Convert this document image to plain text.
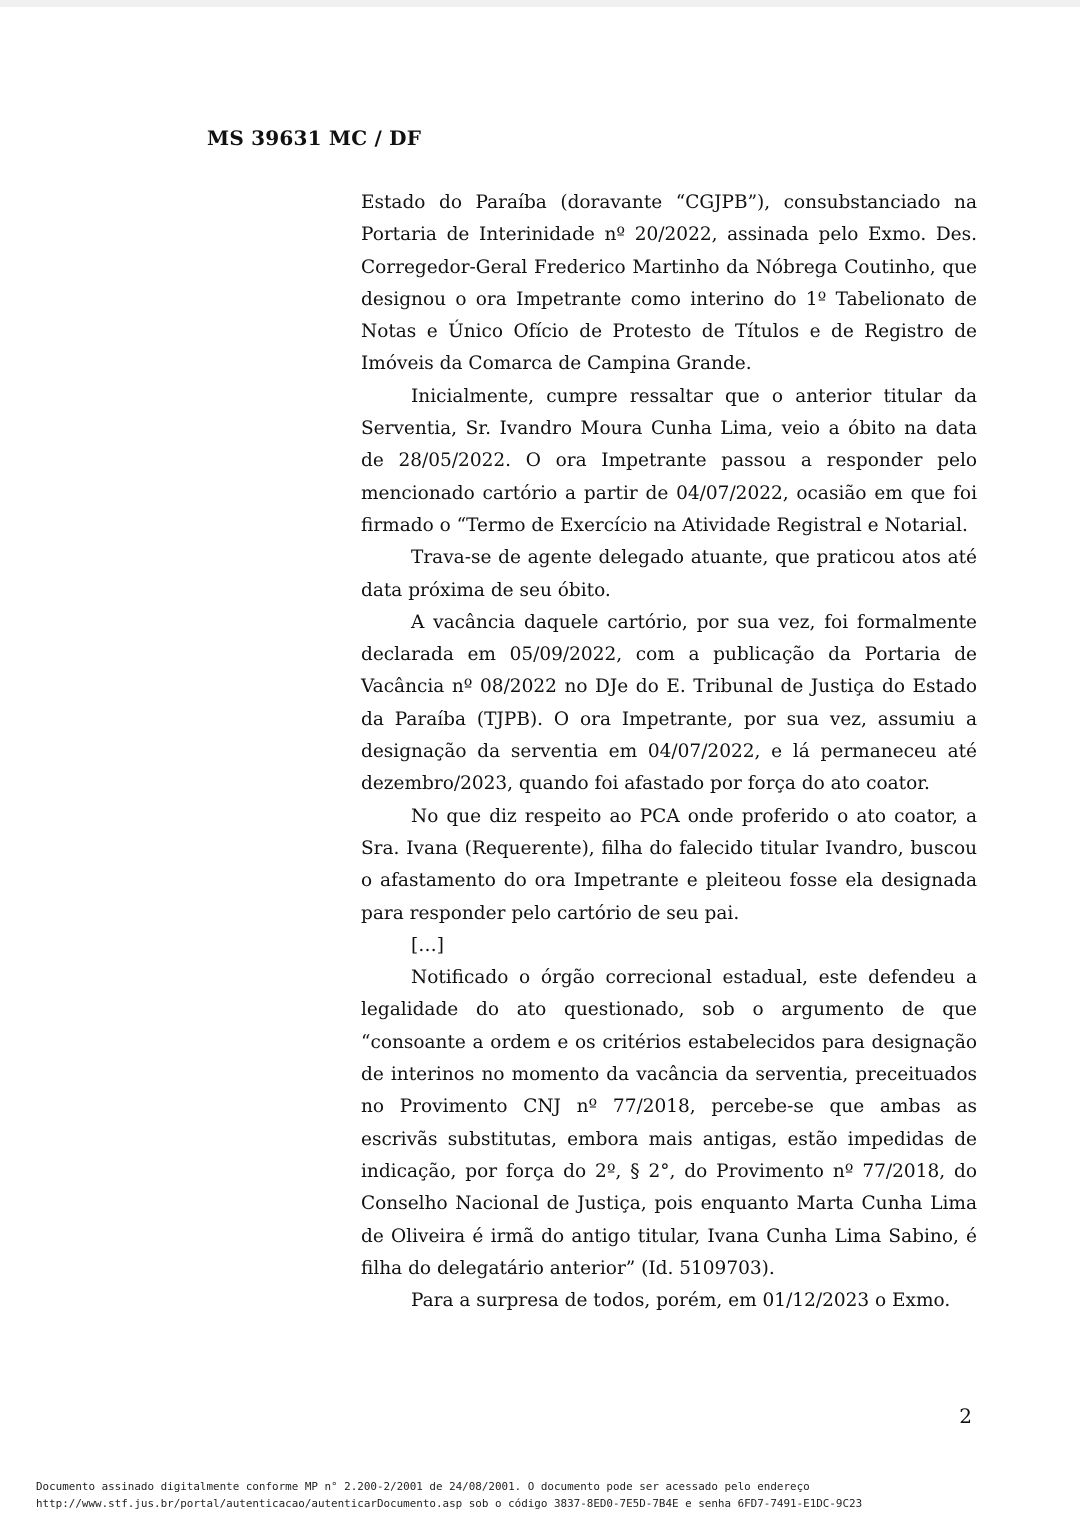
MS 39631 MC / DF

Estado do Paraíba (doravante “CGJPB”), consubstanciado na Portaria de Interinidade nº 20/2022, assinada pelo Exmo. Des. Corregedor-Geral Frederico Martinho da Nóbrega Coutinho, que designou o ora Impetrante como interino do 1º Tabelionato de Notas e Único Ofício de Protesto de Títulos e de Registro de Imóveis da Comarca de Campina Grande.

Inicialmente, cumpre ressaltar que o anterior titular da Serventia, Sr. Ivandro Moura Cunha Lima, veio a óbito na data de 28/05/2022. O ora Impetrante passou a responder pelo mencionado cartório a partir de 04/07/2022, ocasião em que foi firmado o “Termo de Exercício na Atividade Registral e Notarial.

Trava-se de agente delegado atuante, que praticou atos até data próxima de seu óbito.

A vacância daquele cartório, por sua vez, foi formalmente declarada em 05/09/2022, com a publicação da Portaria de Vacância nº 08/2022 no DJe do E. Tribunal de Justiça do Estado da Paraíba (TJPB). O ora Impetrante, por sua vez, assumiu a designação da serventia em 04/07/2022, e lá permaneceu até dezembro/2023, quando foi afastado por força do ato coator.

No que diz respeito ao PCA onde proferido o ato coator, a Sra. Ivana (Requerente), filha do falecido titular Ivandro, buscou o afastamento do ora Impetrante e pleiteou fosse ela designada para responder pelo cartório de seu pai.

[…]

Notificado o órgão correcional estadual, este defendeu a legalidade do ato questionado, sob o argumento de que “consoante a ordem e os critérios estabelecidos para designação de interinos no momento da vacância da serventia, preceituados no Provimento CNJ nº 77/2018, percebe-se que ambas as escrivãs substitutas, embora mais antigas, estão impedidas de indicação, por força do 2º, § 2°, do Provimento nº 77/2018, do Conselho Nacional de Justiça, pois enquanto Marta Cunha Lima de Oliveira é irmã do antigo titular, Ivana Cunha Lima Sabino, é filha do delegatário anterior” (Id. 5109703).

Para a surpresa de todos, porém, em 01/12/2023 o Exmo.

2
Documento assinado digitalmente conforme MP n° 2.200-2/2001 de 24/08/2001. O documento pode ser acessado pelo endereço
http://www.stf.jus.br/portal/autenticacao/autenticarDocumento.asp sob o código 3837-8ED0-7E5D-7B4E e senha 6FD7-7491-E1DC-9C23
